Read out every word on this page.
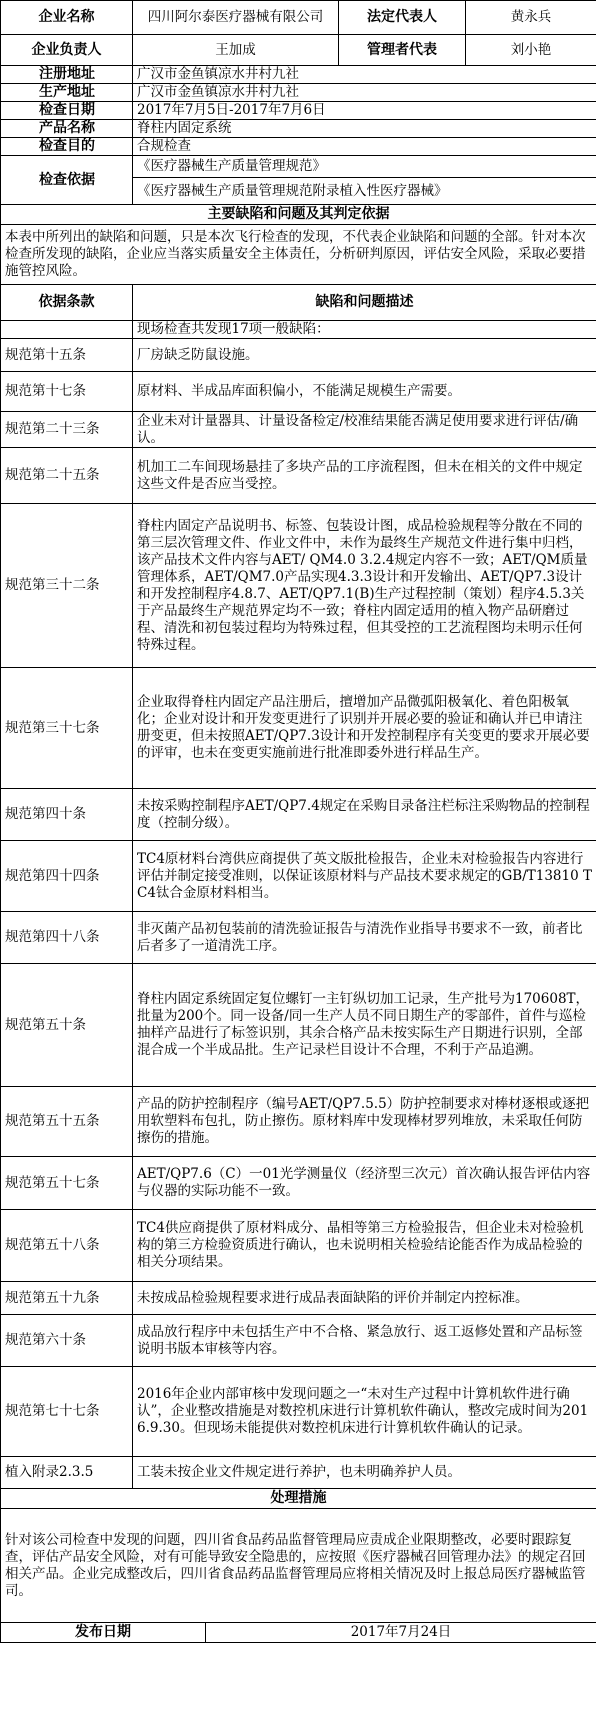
企业名称	四川阿尔泰医疗器械有限公司		法定代表人	黄永兵
企业负责人	王加成		管理者代表	刘小艳
注册地址	广汉市金鱼镇凉水井村九社			
生产地址	广汉市金鱼镇凉水井村九社			
检查日期	2017年7月5日-2017年7月6日			
产品名称	脊柱内固定系统			
检查目的	合规检查			
检查依据	《医疗器械生产质量管理规范》			
	《医疗器械生产质量管理规范附录植入性医疗器械》			
主要缺陷和问题及其判定依据				
本表中所列出的缺陷和问题，只是本次飞行检查的发现，不代表企业缺陷和问题的全部。针对本次检查所发现的缺陷，企业应当落实质量安全主体责任，分析研判原因，评估安全风险，采取必要措施管控风险。				
依据条款	缺陷和问题描述			
	现场检查共发现17项一般缺陷：			
规范第十五条	厂房缺乏防鼠设施。			
规范第十七条	原材料、半成品库面积偏小，不能满足规模生产需要。			
规范第二十三条	企业未对计量器具、计量设备检定/校准结果能否满足使用要求进行评估/确认。			
规范第二十五条	机加工二车间现场悬挂了多块产品的工序流程图，但未在相关的文件中规定这些文件是否应当受控。			
规范第三十二条	脊柱内固定产品说明书、标签、包装设计图，成品检验规程等分散在不同的第三层次管理文件、作业文件中，未作为最终生产规范文件进行集中归档，该产品技术文件内容与AET/ QM4.0 3.2.4规定内容不一致；AET/QM质量管理体系，AET/QM7.0产品实现4.3.3设计和开发输出、AET/QP7.3设计和开发控制程序4.8.7、AET/QP7.1(B)生产过程控制（策划）程序4.5.3关于产品最终生产规范界定均不一致；脊柱内固定适用的植入物产品研磨过程、清洗和初包装过程均为特殊过程，但其受控的工艺流程图均未明示任何特殊过程。			
规范第三十七条	企业取得脊柱内固定产品注册后，擅增加产品微弧阳极氧化、着色阳极氧化；企业对设计和开发变更进行了识别并开展必要的验证和确认并已申请注册变更，但未按照AET/QP7.3设计和开发控制程序有关变更的要求开展必要的评审，也未在变更实施前进行批准即委外进行样品生产。			
规范第四十条	未按采购控制程序AET/QP7.4规定在采购目录备注栏标注采购物品的控制程度（控制分级）。			
规范第四十四条	TC4原材料台湾供应商提供了英文版批检报告，企业未对检验报告内容进行评估并制定接受准则，以保证该原材料与产品技术要求规定的GB/T13810 TC4钛合金原材料相当。			
规范第四十八条	非灭菌产品初包装前的清洗验证报告与清洗作业指导书要求不一致，前者比后者多了一道清洗工序。			
规范第五十条	脊柱内固定系统固定复位螺钉一主钉纵切加工记录，生产批号为170608T，批量为200个。同一设备/同一生产人员不同日期生产的零部件，首件与巡检抽样产品进行了标签识别，其余合格产品未按实际生产日期进行识别，全部混合成一个半成品批。生产记录栏目设计不合理，不利于产品追溯。			
规范第五十五条	产品的防护控制程序（编号AET/QP7.5.5）防护控制要求对棒材逐根或逐把用软塑料布包扎，防止擦伤。原材料库中发现棒材罗列堆放，未采取任何防擦伤的措施。			
规范第五十七条	AET/QP7.6（C）一01光学测量仪（经济型三次元）首次确认报告评估内容与仪器的实际功能不一致。			
规范第五十八条	TC4供应商提供了原材料成分、晶相等第三方检验报告，但企业未对检验机构的第三方检验资质进行确认，也未说明相关检验结论能否作为成品检验的相关分项结果。			
规范第五十九条	未按成品检验规程要求进行成品表面缺陷的评价并制定内控标准。			
规范第六十条	成品放行程序中未包括生产中不合格、紧急放行、返工返修处置和产品标签说明书版本审核等内容。			
规范第七十七条	2016年企业内部审核中发现问题之一“未对生产过程中计算机软件进行确认”，企业整改措施是对数控机床进行计算机软件确认，整改完成时间为2016.9.30。但现场未能提供对数控机床进行计算机软件确认的记录。			
植入附录2.3.5	工装未按企业文件规定进行养护，也未明确养护人员。			
处理措施				
针对该公司检查中发现的问题，四川省食品药品监督管理局应责成企业限期整改，必要时跟踪复查，评估产品安全风险，对有可能导致安全隐患的，应按照《医疗器械召回管理办法》的规定召回相关产品。企业完成整改后，四川省食品药品监督管理局应将相关情况及时上报总局医疗器械监管司。				
发布日期		2017年7月24日		
